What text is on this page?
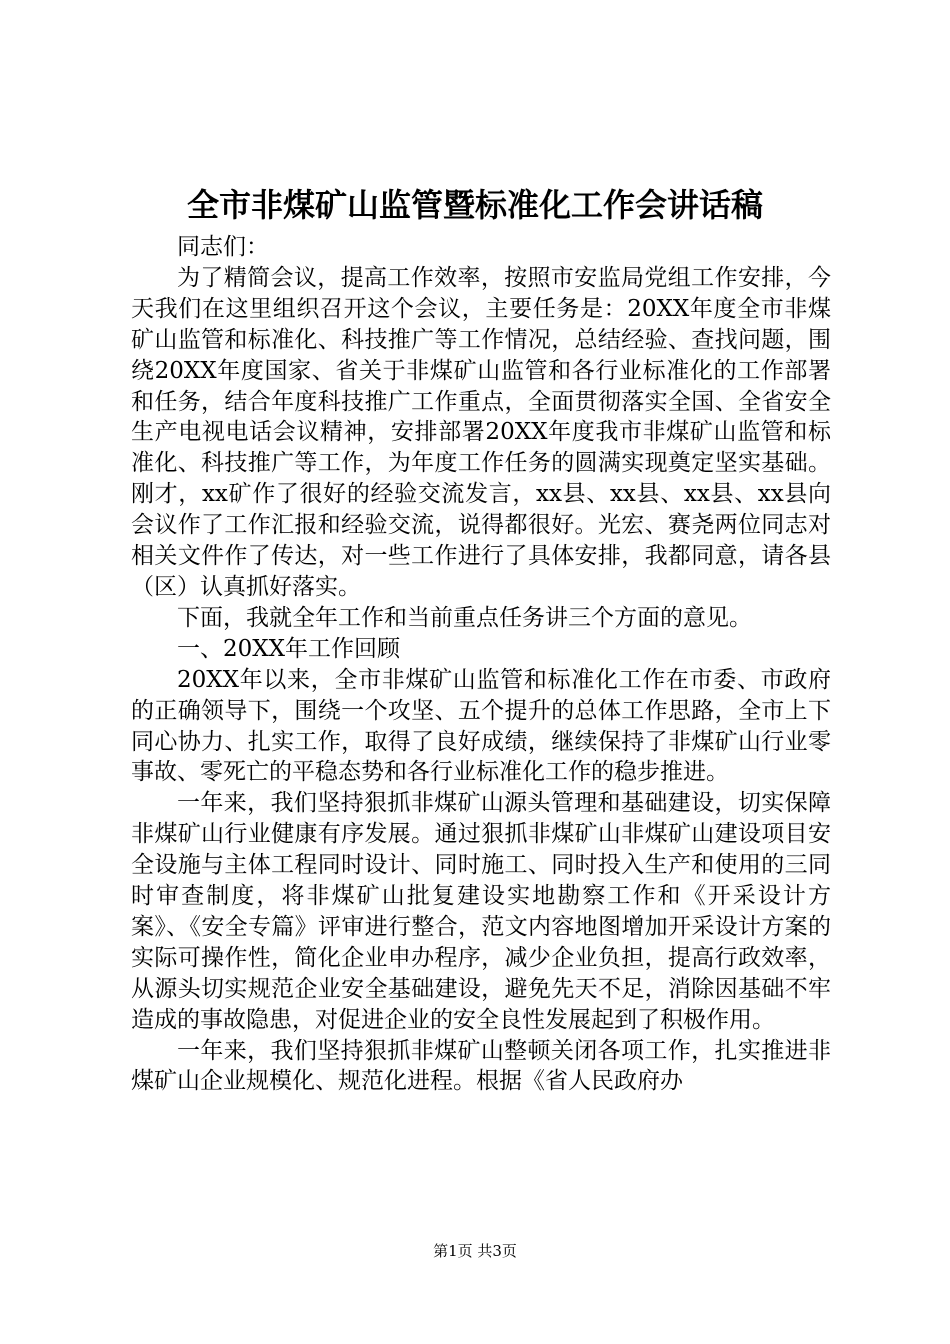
全市非煤矿山监管暨标准化工作会讲话稿

同志们：

为了精简会议，提高工作效率，按照市安监局党组工作安排，今天我们在这里组织召开这个会议，主要任务是：20XX年度全市非煤矿山监管和标准化、科技推广等工作情况，总结经验、查找问题，围绕20XX年度国家、省关于非煤矿山监管和各行业标准化的工作部署和任务，结合年度科技推广工作重点，全面贯彻落实全国、全省安全生产电视电话会议精神，安排部署20XX年度我市非煤矿山监管和标准化、科技推广等工作，为年度工作任务的圆满实现奠定坚实基础。刚才，xx矿作了很好的经验交流发言，xx县、xx县、xx县、xx县向会议作了工作汇报和经验交流，说得都很好。光宏、赛尧两位同志对相关文件作了传达，对一些工作进行了具体安排，我都同意，请各县（区）认真抓好落实。

下面，我就全年工作和当前重点任务讲三个方面的意见。

一、20XX年工作回顾

20XX年以来，全市非煤矿山监管和标准化工作在市委、市政府的正确领导下，围绕一个攻坚、五个提升的总体工作思路，全市上下同心协力、扎实工作，取得了良好成绩，继续保持了非煤矿山行业零事故、零死亡的平稳态势和各行业标准化工作的稳步推进。

一年来，我们坚持狠抓非煤矿山源头管理和基础建设，切实保障非煤矿山行业健康有序发展。通过狠抓非煤矿山非煤矿山建设项目安全设施与主体工程同时设计、同时施工、同时投入生产和使用的三同时审查制度，将非煤矿山批复建设实地勘察工作和《开采设计方案》、《安全专篇》评审进行整合，范文内容地图增加开采设计方案的实际可操作性，简化企业申办程序，减少企业负担，提高行政效率，从源头切实规范企业安全基础建设，避免先天不足，消除因基础不牢造成的事故隐患，对促进企业的安全良性发展起到了积极作用。

一年来，我们坚持狠抓非煤矿山整顿关闭各项工作，扎实推进非煤矿山企业规模化、规范化进程。根据《省人民政府办

第1页 共3页
